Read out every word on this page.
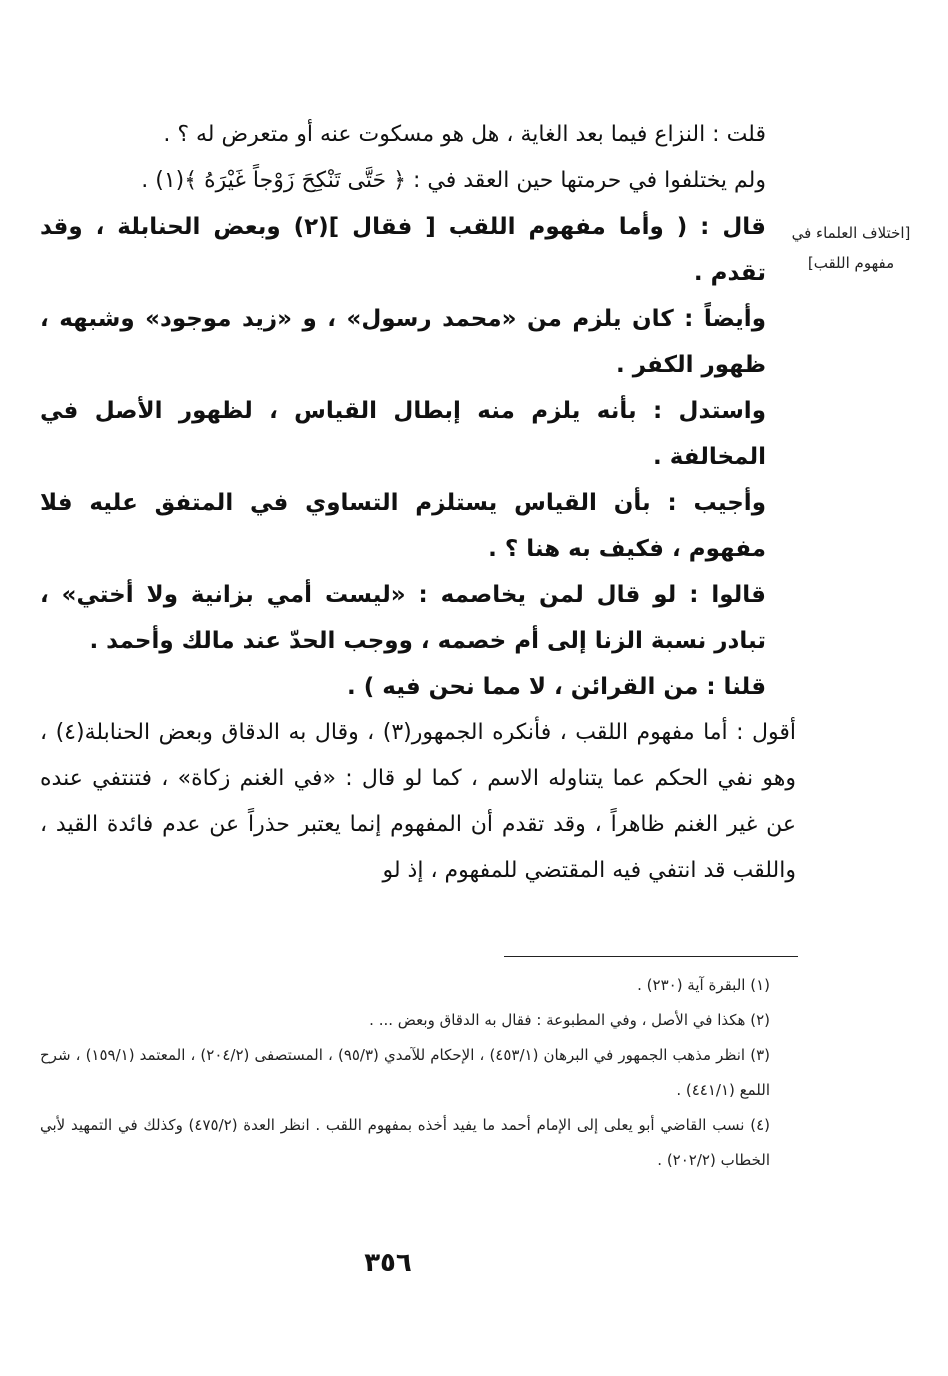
[اختلاف العلماء في مفهوم اللقب]

قلت : النزاع فيما بعد الغاية ، هل هو مسكوت عنه أو متعرض له ؟ .

ولم يختلفوا في حرمتها حين العقد في : ﴿ حَتَّى تَنْكِحَ زَوْجاً غَيْرَهُ ﴾(١) .

قال : ( وأما مفهوم اللقب [ فقال ](٢) وبعض الحنابلة ، وقد تقدم .

وأيضاً : كان يلزم من «محمد رسول» ، و «زيد موجود» وشبهه ، ظهور الكفر .

واستدل : بأنه يلزم منه إبطال القياس ، لظهور الأصل في المخالفة .

وأجيب : بأن القياس يستلزم التساوي في المتفق عليه فلا مفهوم ، فكيف به هنا ؟ .

قالوا : لو قال لمن يخاصمه : «ليست أمي بزانية ولا أختي» ، تبادر نسبة الزنا إلى أم خصمه ، ووجب الحدّ عند مالك وأحمد .

قلنا : من القرائن ، لا مما نحن فيه ) .

أقول : أما مفهوم اللقب ، فأنكره الجمهور(٣) ، وقال به الدقاق وبعض الحنابلة(٤) ، وهو نفي الحكم عما يتناوله الاسم ، كما لو قال : «في الغنم زكاة» ، فتنتفي عنده عن غير الغنم ظاهراً ، وقد تقدم أن المفهوم إنما يعتبر حذراً عن عدم فائدة القيد ، واللقب قد انتفي فيه المقتضي للمفهوم ، إذ لو

(١) البقرة آية (٢٣٠) .

(٢) هكذا في الأصل ، وفي المطبوعة : فقال به الدقاق وبعض ... .

(٣) انظر مذهب الجمهور في البرهان (٤٥٣/١) ، الإحكام للآمدي (٩٥/٣) ، المستصفى (٢٠٤/٢) ، المعتمد (١٥٩/١) ، شرح اللمع (٤٤١/١) .

(٤) نسب القاضي أبو يعلى إلى الإمام أحمد ما يفيد أخذه بمفهوم اللقب . انظر العدة (٤٧٥/٢) وكذلك في التمهيد لأبي الخطاب (٢٠٢/٢) .

٣٥٦
